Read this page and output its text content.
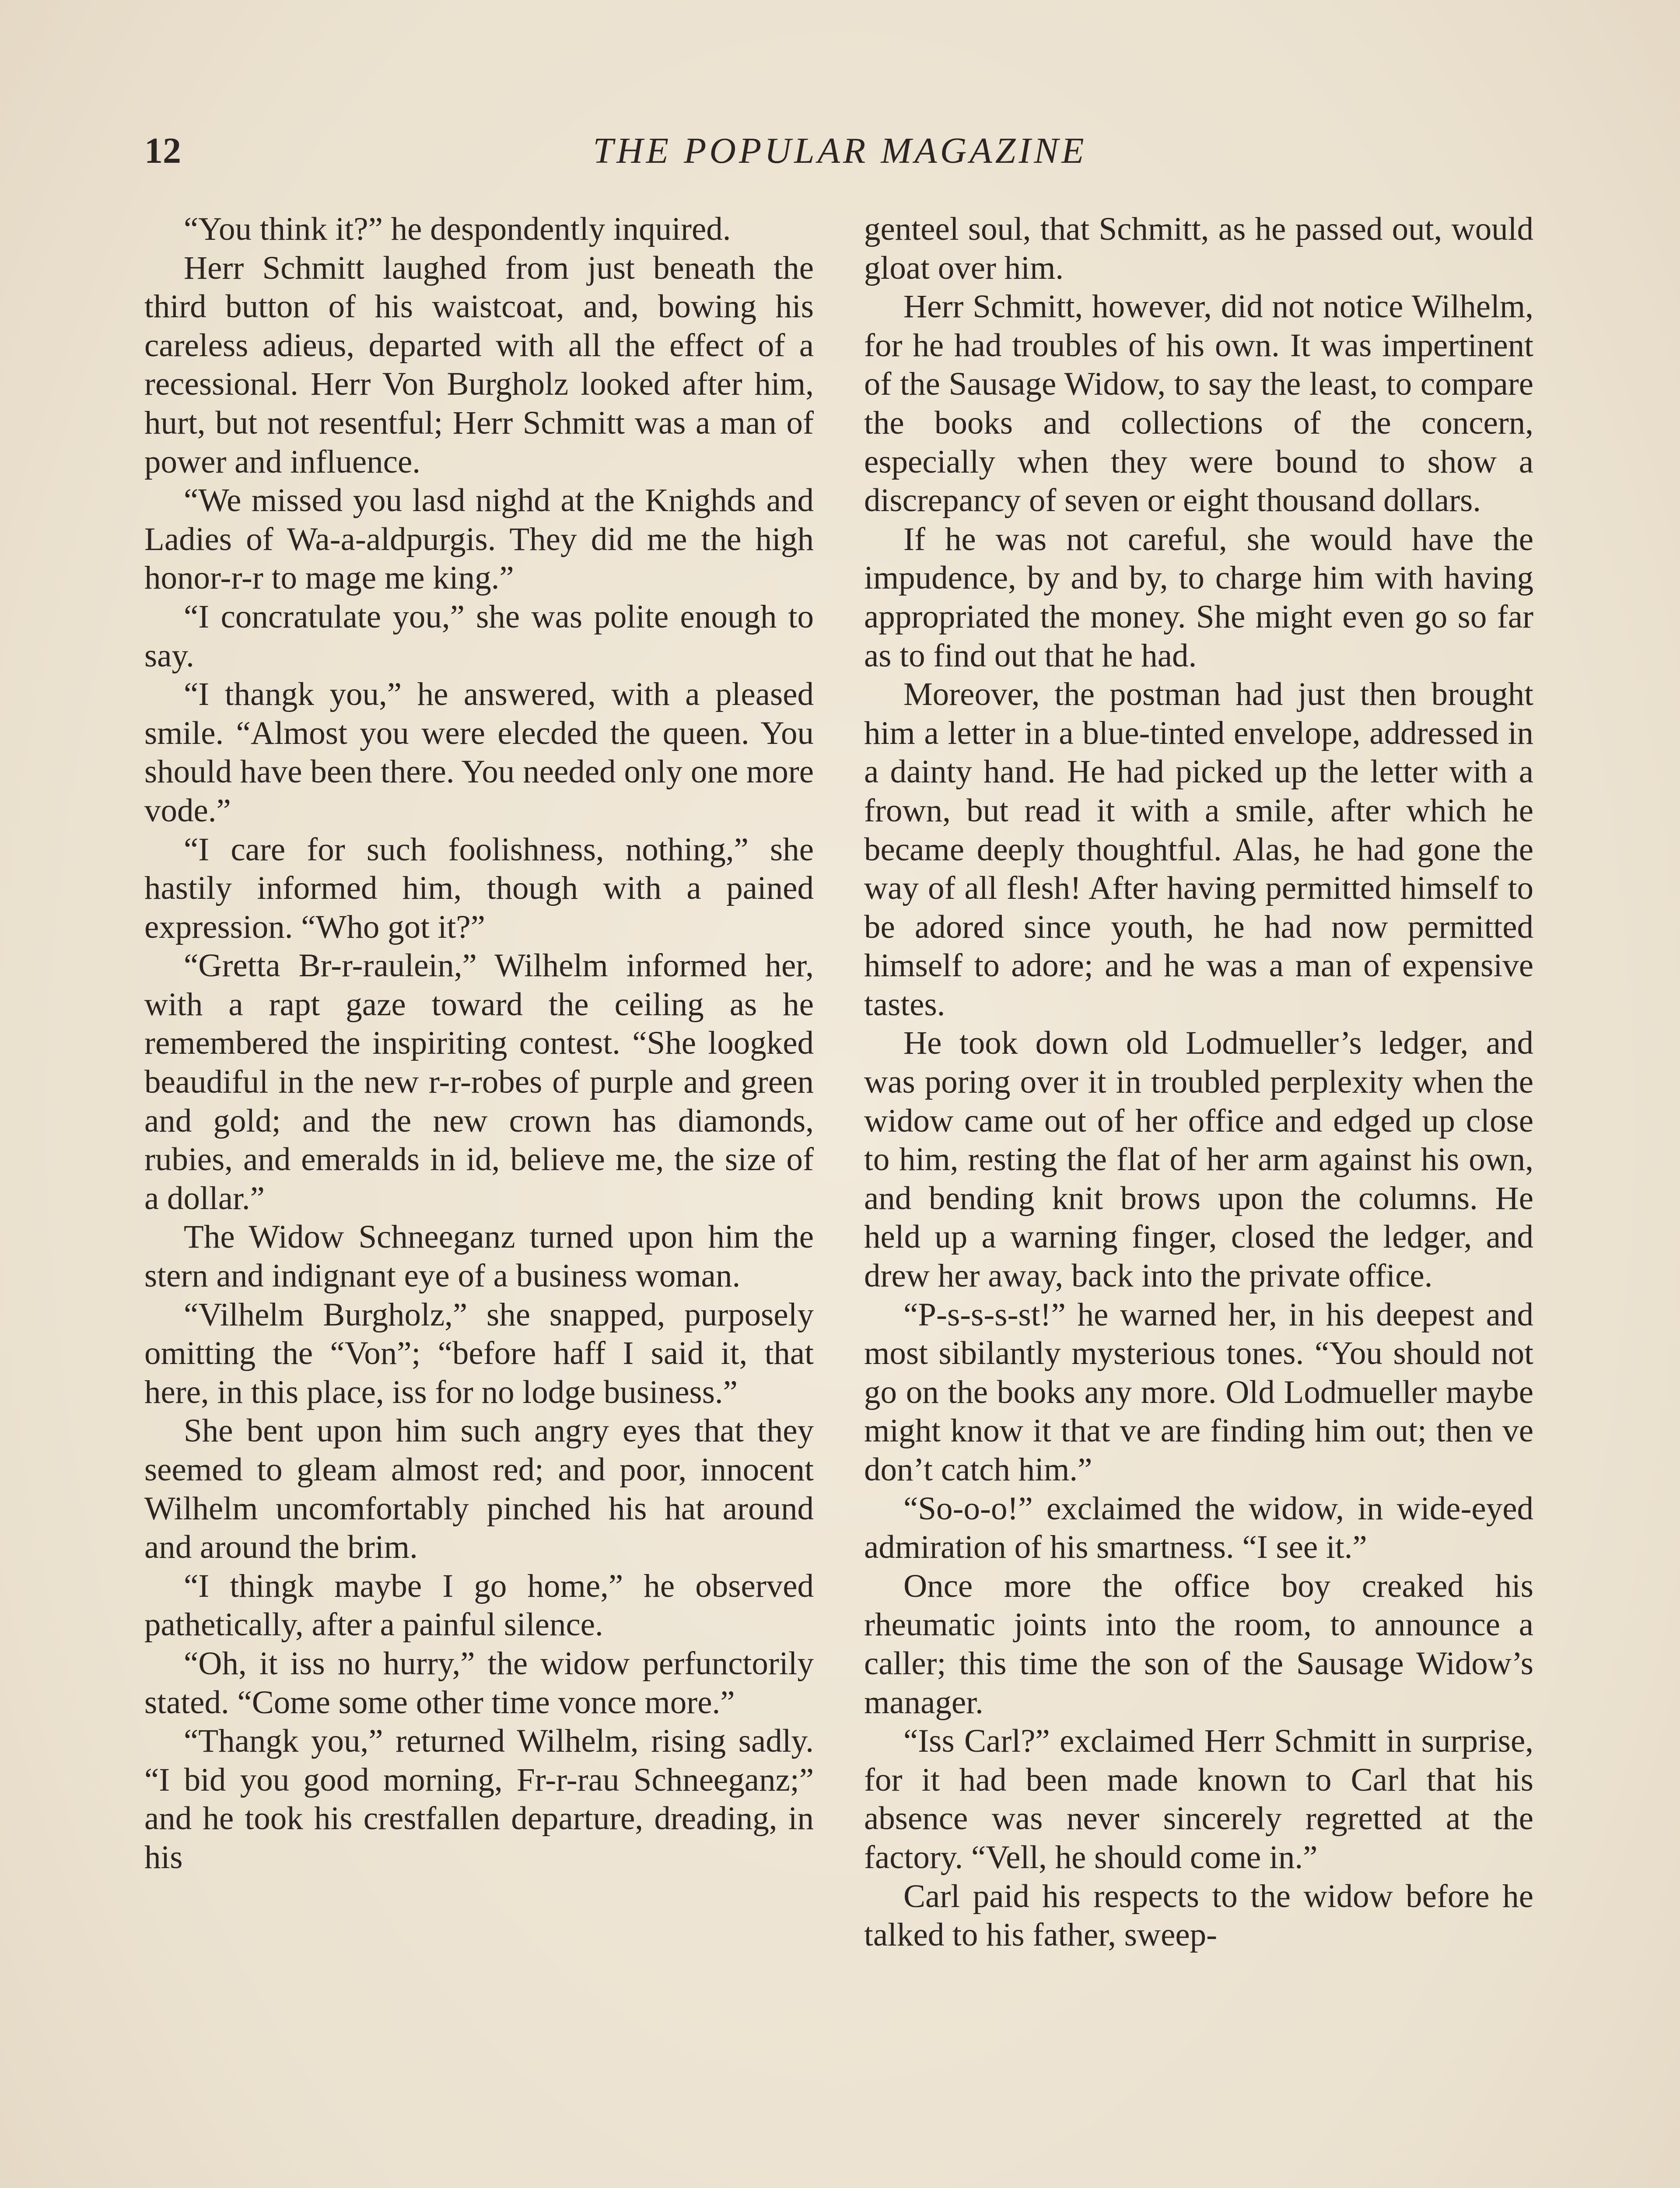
12	THE POPULAR MAGAZINE

“You think it?” he despondently inquired.

Herr Schmitt laughed from just beneath the third button of his waistcoat, and, bowing his careless adieus, departed with all the effect of a recessional. Herr Von Burgholz looked after him, hurt, but not resentful; Herr Schmitt was a man of power and influence.

“We missed you lasd nighd at the Knighds and Ladies of Wa-a-aldpurgis. They did me the high honor-r-r to mage me king.”

“I concratulate you,” she was polite enough to say.

“I thangk you,” he answered, with a pleased smile. “Almost you were elecded the queen. You should have been there. You needed only one more vode.”

“I care for such foolishness, nothing,” she hastily informed him, though with a pained expression. “Who got it?”

“Gretta Br-r-raulein,” Wilhelm informed her, with a rapt gaze toward the ceiling as he remembered the inspiriting contest. “She loogked beaudiful in the new r-r-robes of purple and green and gold; and the new crown has diamonds, rubies, and emeralds in id, believe me, the size of a dollar.”

The Widow Schneeganz turned upon him the stern and indignant eye of a business woman.

“Vilhelm Burgholz,” she snapped, purposely omitting the “Von”; “before haff I said it, that here, in this place, iss for no lodge business.”

She bent upon him such angry eyes that they seemed to gleam almost red; and poor, innocent Wilhelm uncomfortably pinched his hat around and around the brim.

“I thingk maybe I go home,” he observed pathetically, after a painful silence.

“Oh, it iss no hurry,” the widow perfunctorily stated. “Come some other time vonce more.”

“Thangk you,” returned Wilhelm, rising sadly. “I bid you good morning, Fr-r-rau Schneeganz;” and he took his crestfallen departure, dreading, in his

genteel soul, that Schmitt, as he passed out, would gloat over him.

Herr Schmitt, however, did not notice Wilhelm, for he had troubles of his own. It was impertinent of the Sausage Widow, to say the least, to compare the books and collections of the concern, especially when they were bound to show a discrepancy of seven or eight thousand dollars.

If he was not careful, she would have the impudence, by and by, to charge him with having appropriated the money. She might even go so far as to find out that he had.

Moreover, the postman had just then brought him a letter in a blue-tinted envelope, addressed in a dainty hand. He had picked up the letter with a frown, but read it with a smile, after which he became deeply thoughtful. Alas, he had gone the way of all flesh! After having permitted himself to be adored since youth, he had now permitted himself to adore; and he was a man of expensive tastes.

He took down old Lodmueller’s ledger, and was poring over it in troubled perplexity when the widow came out of her office and edged up close to him, resting the flat of her arm against his own, and bending knit brows upon the columns. He held up a warning finger, closed the ledger, and drew her away, back into the private office.

“P-s-s-s-st!” he warned her, in his deepest and most sibilantly mysterious tones. “You should not go on the books any more. Old Lodmueller maybe might know it that ve are finding him out; then ve don’t catch him.”

“So-o-o!” exclaimed the widow, in wide-eyed admiration of his smartness. “I see it.”

Once more the office boy creaked his rheumatic joints into the room, to announce a caller; this time the son of the Sausage Widow’s manager.

“Iss Carl?” exclaimed Herr Schmitt in surprise, for it had been made known to Carl that his absence was never sincerely regretted at the factory. “Vell, he should come in.”

Carl paid his respects to the widow before he talked to his father, sweep-
